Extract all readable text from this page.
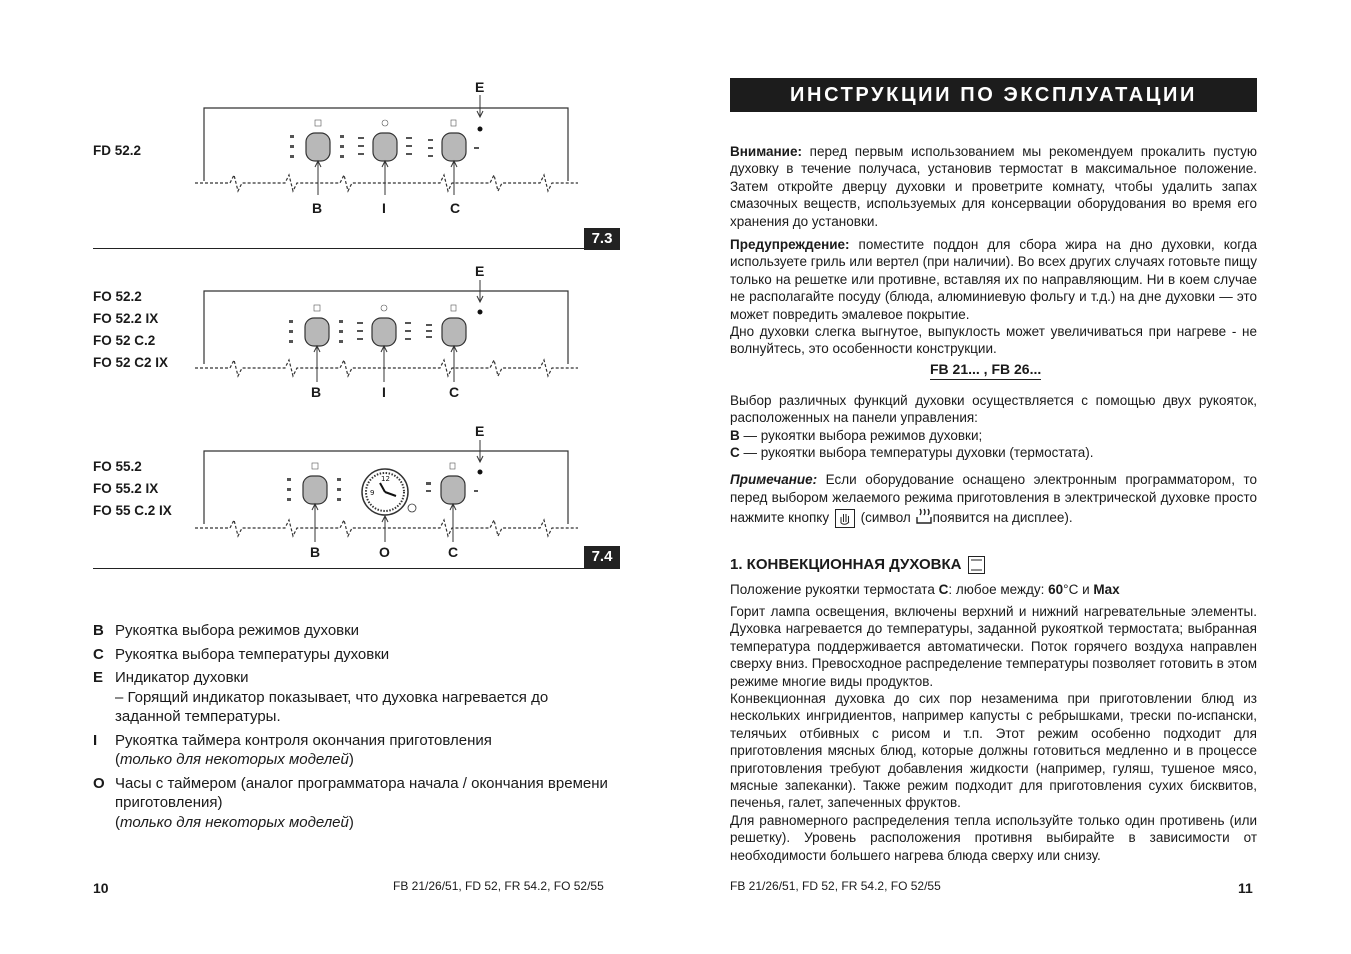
FD 52.2
E
B	I	C
7.3
FO 52.2
FO 52.2 IX
FO 52 C.2
FO 52 C2 IX
E
B	I	C
FO 55.2
FO 55.2 IX
FO 55 C.2 IX
E
12
9
B	O	C	7.4
B Рукоятка выбора режимов духовки
C Рукоятка выбора температуры духовки
E Индикатор духовки
– Горящий индикатор показывает, что духовка нагревается до заданной температуры.
I	Рукоятка таймера контроля окончания приготовления
(только для некоторых моделей)
O Часы с таймером (аналог программатора начала / окончания времени приготовления)
(только для некоторых моделей)
10	FB 21/26/51, FD 52, FR 54.2, FO 52/55
ИНСТРУКЦИИ ПО ЭКСПЛУАТАЦИИ

Внимание: перед первым использованием мы рекомендуем прокалить пустую духовку в течение получаса, установив термостат в максимальное положение. Затем откройте дверцу духовки и проветрите комнату, чтобы удалить запах смазочных веществ, используемых для консервации оборудования во время его хранения до установки.

Предупреждение: поместите поддон для сбора жира на дно духовки, когда используете гриль или вертел (при наличии). Во всех других случаях готовьте пищу только на решетке или противне, вставляя их по направляющим. Ни в коем случае не располагайте посуду (блюда, алюминиевую фольгу и т.д.) на дне духовки — это может повредить эмалевое покрытие.

Дно духовки слегка выгнутое, выпуклость может увеличиваться при нагреве - не волнуйтесь, это особенности конструкции.

FB 21... , FB 26...

Выбор различных функций духовки осуществляется с помощью двух рукояток, расположенных на панели управления:

B — рукоятки выбора режимов духовки;

C — рукоятки выбора температуры духовки (термостата).

Примечание: Если оборудование оснащено электронным программатором, то перед выбором желаемого режима приготовления в электрической духовке просто нажмите кнопку
(символ появится на дисплее).

1. КОНВЕКЦИОННАЯ ДУХОВКА

Положение рукоятки термостата C: любое между: 60°C и Max

Горит лампа освещения, включены верхний и нижний нагревательные элементы. Духовка нагревается до температуры, заданной рукояткой термостата; выбранная температура поддерживается автоматически. Поток горячего воздуха направлен сверху вниз. Превосходное распределение температуры позволяет готовить в этом режиме многие виды продуктов.

Конвекционная духовка до сих пор незаменима при приготовлении блюд из нескольких ингридиентов, например капусты с ребрышками, трески по-испански, телячьих отбивных с рисом и т.п. Этот режим особенно подходит для приготовления мясных блюд, которые должны готовиться медленно и в процессе приготовления требуют добавления жидкости (например, гуляш, тушеное мясо, мясные запеканки). Также режим подходит для приготовления сухих бисквитов, печенья, галет, запеченных фруктов.

Для равномерного распределения тепла используйте только один противень (или решетку). Уровень расположения противня выбирайте в зависимости от необходимости большего нагрева блюда сверху или снизу.

FB 21/26/51, FD 52, FR 54.2, FO 52/55	11
